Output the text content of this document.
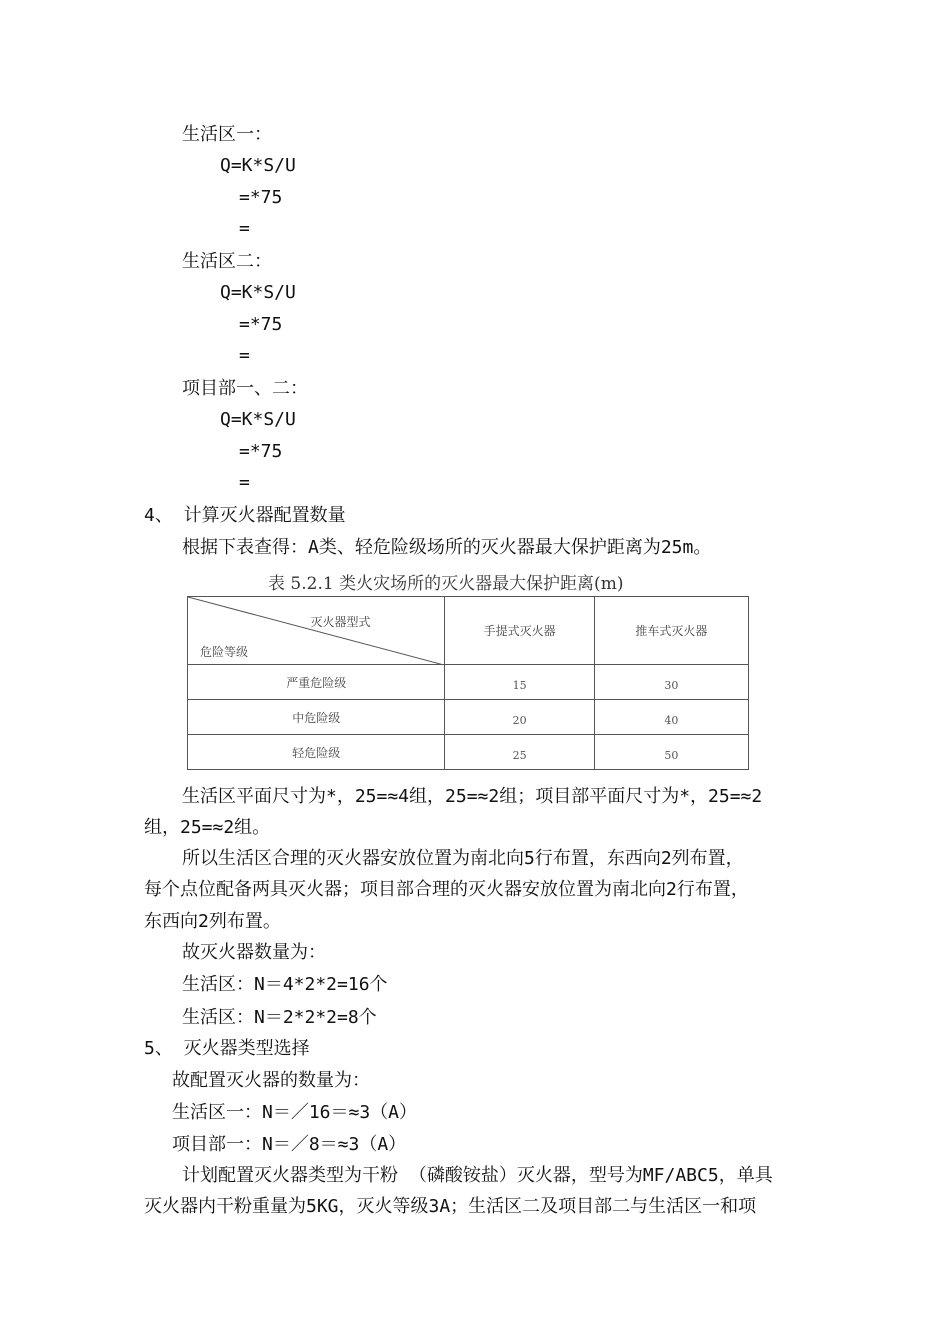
生活区一：
Q=K*S/U
=*75
=
生活区二：
Q=K*S/U
=*75
=
项目部一、二：
Q=K*S/U
=*75
=
4、 计算灭火器配置数量
根据下表查得：A类、轻危险级场所的灭火器最大保护距离为25m。
表 5.2.1 类火灾场所的灭火器最大保护距离(m)
灭火器型式
危险等级	手提式灭火器	推车式灭火器
严重危险级	15	30
中危险级	20	40
轻危险级	25	50
生活区平面尺寸为*，25=≈4组，25=≈2组；项目部平面尺寸为*，25=≈2
组，25=≈2组。
所以生活区合理的灭火器安放位置为南北向5行布置，东西向2列布置，
每个点位配备两具灭火器；项目部合理的灭火器安放位置为南北向2行布置，
东西向2列布置。
故灭火器数量为：
生活区：N＝4*2*2=16个
生活区：N＝2*2*2=8个
5、 灭火器类型选择
故配置灭火器的数量为：
生活区一：N＝／16＝≈3（A）
项目部一：N＝／8＝≈3（A）
计划配置灭火器类型为干粉 （磷酸铵盐）灭火器，型号为MF/ABC5，单具
灭火器内干粉重量为5KG，灭火等级3A；生活区二及项目部二与生活区一和项
